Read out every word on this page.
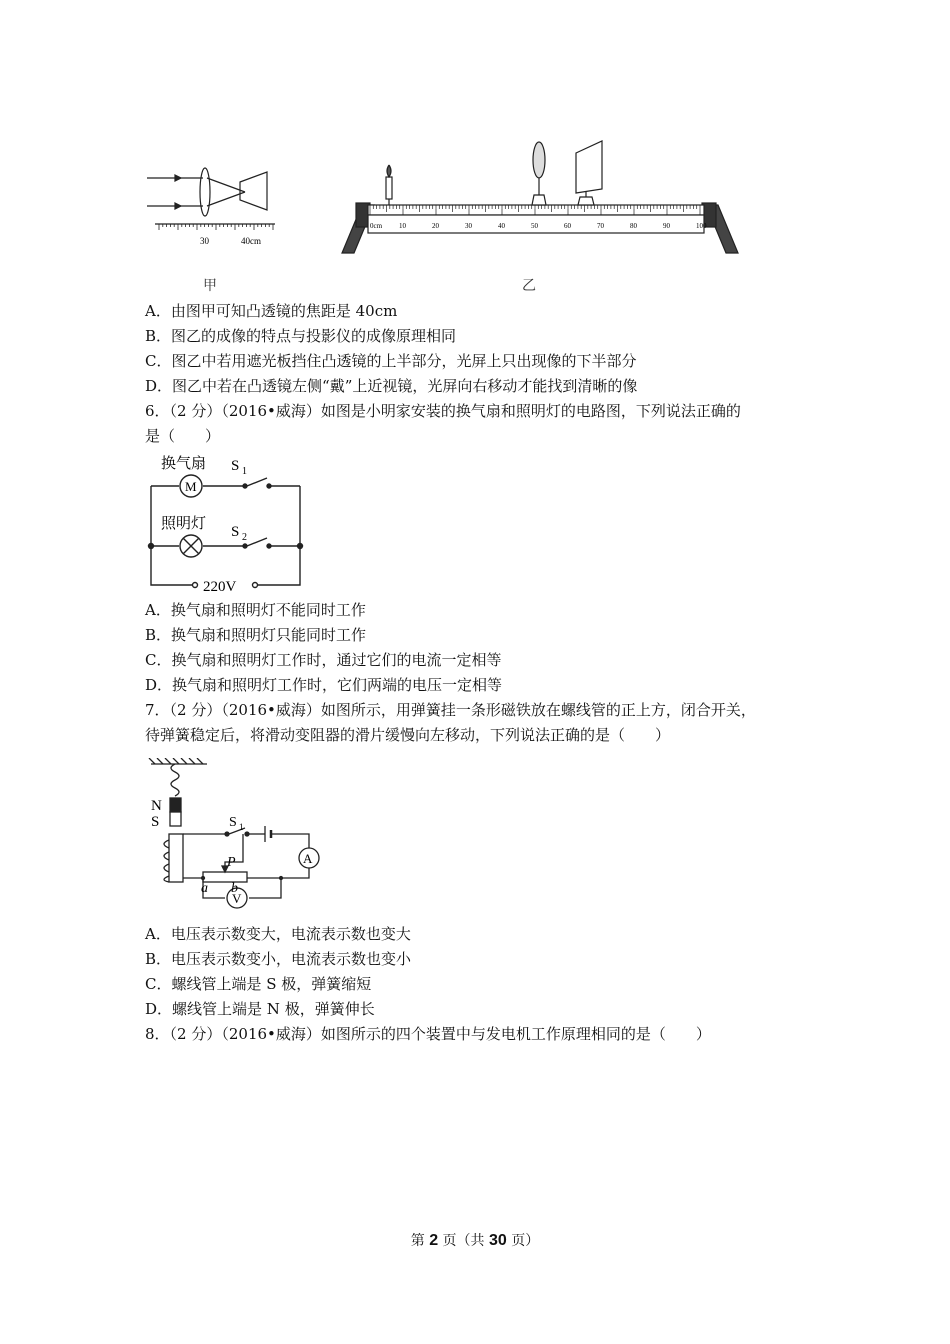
30	40cm
甲
0cm 10	20	30	40	50	60	70	80	90	100
乙
A．由图甲可知凸透镜的焦距是 40cm
B．图乙的成像的特点与投影仪的成像原理相同
C．图乙中若用遮光板挡住凸透镜的上半部分，光屏上只出现像的下半部分
D．图乙中若在凸透镜左侧“戴”上近视镜，光屏向右移动才能找到清晰的像
6．（2 分）（2016•威海）如图是小明家安装的换气扇和照明灯的电路图，下列说法正确的
是（　　）
换气扇 S 1
M
照明灯 S 2
220V
A．换气扇和照明灯不能同时工作
B．换气扇和照明灯只能同时工作
C．换气扇和照明灯工作时，通过它们的电流一定相等
D．换气扇和照明灯工作时，它们两端的电压一定相等
7．（2 分）（2016•威海）如图所示，用弹簧挂一条形磁铁放在螺线管的正上方，闭合开关，
待弹簧稳定后，将滑动变阻器的滑片缓慢向左移动，下列说法正确的是（　　）
N
S	S 1
P
a b
A
V
A．电压表示数变大，电流表示数也变大
B．电压表示数变小，电流表示数也变小
C．螺线管上端是 S 极，弹簧缩短
D．螺线管上端是 N 极，弹簧伸长
8．（2 分）（2016•威海）如图所示的四个装置中与发电机工作原理相同的是（　　）
第 2 页（共 30 页）
